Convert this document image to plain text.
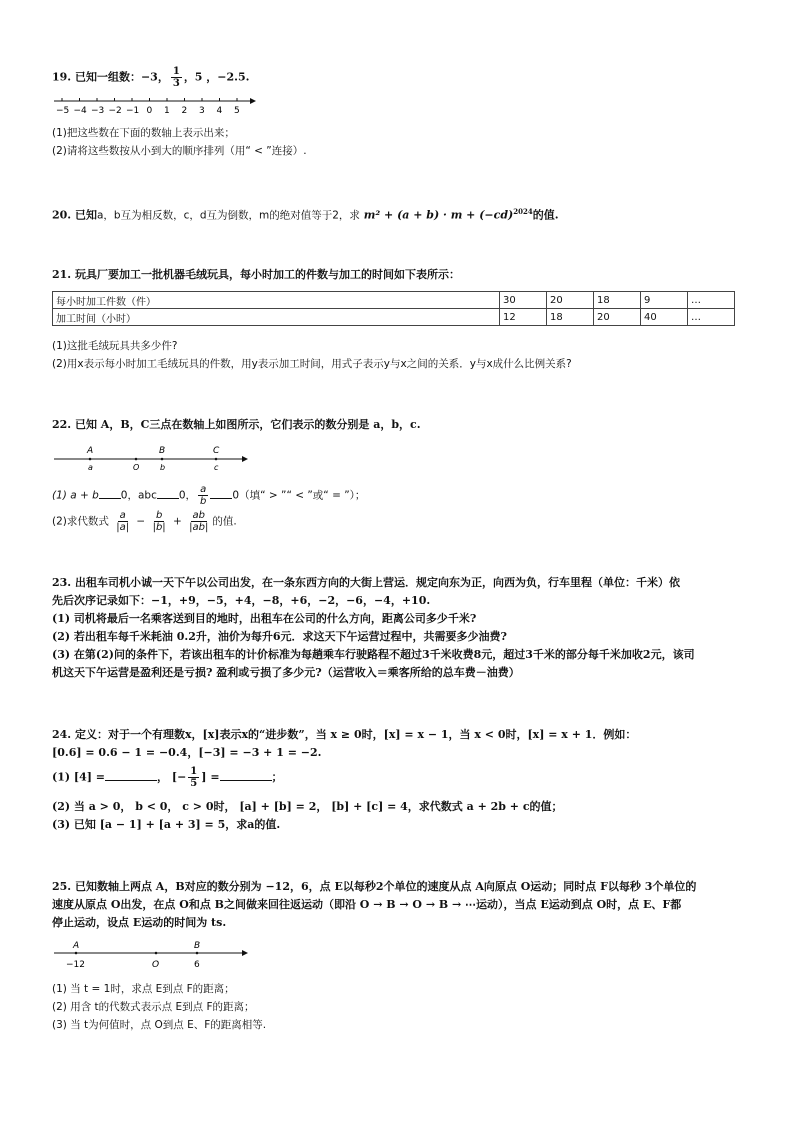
19. 已知一组数：−3， $\frac{1}{3}$ ，5 ，−2.5.
−5 −4 −3 −2 −1 0 1 2 3 4 5
(1)把这些数在下面的数轴上表示出来；
(2)请将这些数按从小到大的顺序排列（用“ < ”连接）.
20. 已知a，b互为相反数，c，d互为倒数，m的绝对值等于2，求 $m^2 + (a + b) \cdot m + (-cd)^{2024}$的值.
21. 玩具厂要加工一批机器毛绒玩具，每小时加工的件数与加工的时间如下表所示：
每小时加工件数（件）	30	20	18	9	…
加工时间（小时）	12	18	20	40	…
(1)这批毛绒玩具共多少件?
(2)用x表示每小时加工毛绒玩具的件数，用y表示加工时间，用式子表示y与x之间的关系．y与x成什么比例关系?
22. 已知 A，B，C三点在数轴上如图所示，它们表示的数分别是 a，b，c.
A	B	C
a	O	b	c
(1) a + b 0，abc 0， $\frac{a}{b} 0$（填“ > ”“ < ”或“ = ”）；
(2)求代数式 $\frac{a}{|a|} - \frac{b}{|b|} + \frac{ab}{|ab|}$ 的值.
23. 出租车司机小诚一天下午以公司出发，在一条东西方向的大街上营运．规定向东为正，向西为负，行车里程（单位：千米）依
先后次序记录如下：−1，+9，−5，+4，−8，+6，−2，−6，−4，+10.
(1) 司机将最后一名乘客送到目的地时，出租车在公司的什么方向，距离公司多少千米?
(2) 若出租车每千米耗油 0.2升，油价为每升6元．求这天下午运营过程中，共需要多少油费?
(3) 在第(2)问的条件下，若该出租车的计价标准为每趟乘车行驶路程不超过3千米收费8元，超过3千米的部分每千米加收2元，该司
机这天下午运营是盈利还是亏损? 盈利或亏损了多少元?（运营收入＝乘客所给的总车费－油费）
24. 定义：对于一个有理数x，[x]表示x的“进步数”，当 x ≥ 0时，[x] = x − 1，当 x < 0时，[x] = x + 1．例如：
[0.6] = 0.6 − 1 = −0.4，[−3] = −3 + 1 = −2.
(1) [4] =	， [− $\frac{1}{5}$ ] =	；
(2) 当 a > 0， b < 0， c > 0时， [a] + [b] = 2， [b] + [c] = 4，求代数式 a + 2b + c的值；
(3) 已知 [a − 1] + [a + 3] = 5，求a的值.
25. 已知数轴上两点 A，B对应的数分别为 −12，6，点 E以每秒2个单位的速度从点 A向原点 O运动；同时点 F以每秒 3个单位的
速度从原点 O出发，在点 O和点 B之间做来回往返运动（即沿 O → B → O → B → ⋯运动），当点 E运动到点 O时，点 E、F都
停止运动，设点 E运动的时间为 ts.
A	B
−12	O	6
(1) 当 t = 1时，求点 E到点 F的距离；
(2) 用含 t的代数式表示点 E到点 F的距离；
(3) 当 t为何值时，点 O到点 E、F的距离相等.
